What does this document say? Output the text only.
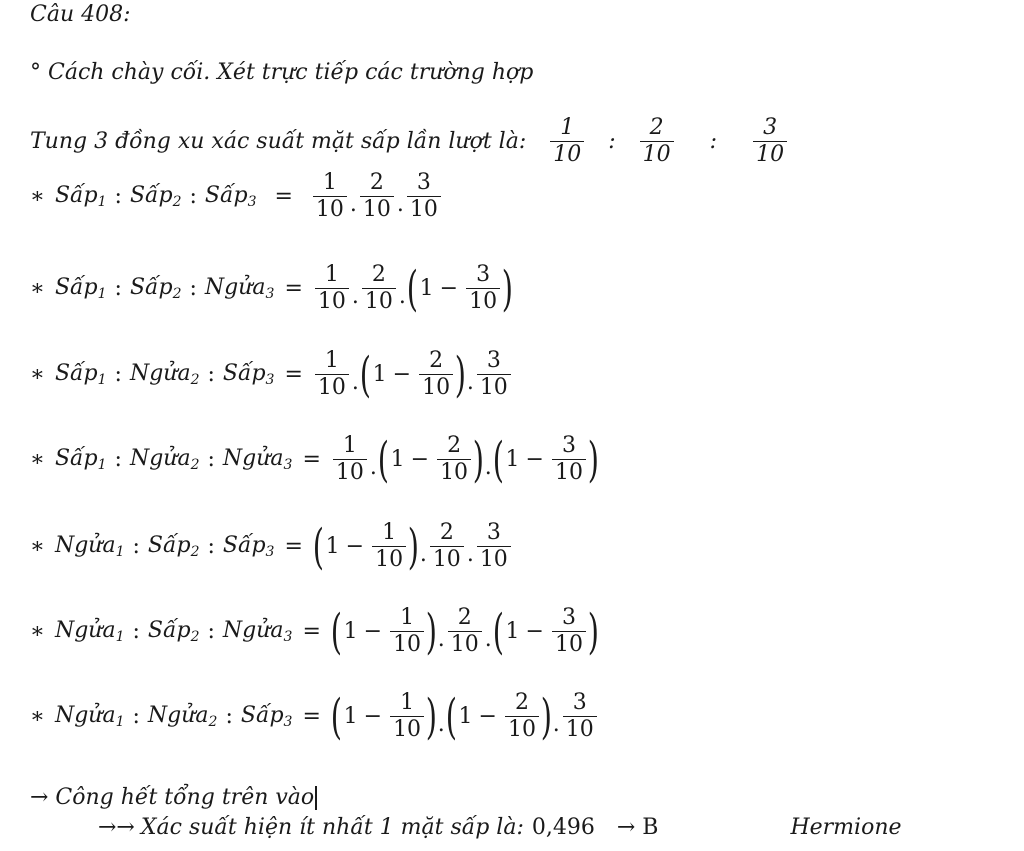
Câu 408:
° Cách chày cối. Xét trực tiếp các trường hợp
Tung 3 đồng xu xác suất mặt sấp lần lượt là: $\frac{1}{10}$ : $\frac{2}{10}$ : $\frac{3}{10}$
∗ Sấp$_1$ : Sấp$_2$ : Sấp$_3$ = $\frac{1}{10}$ . $\frac{2}{10}$ . $\frac{3}{10}$
∗ Sấp$_1$ : Sấp$_2$ : Ngửa$_3$ = $\frac{1}{10}$ . $\frac{2}{10}$ . ( $1 - \frac{3}{10}$ )
∗ Sấp$_1$ : Ngửa$_2$ : Sấp$_3$ = $\frac{1}{10}$ . ( $1 - \frac{2}{10}$ ) . $\frac{3}{10}$
∗ Sấp$_1$ : Ngửa$_2$ : Ngửa$_3$ = $\frac{1}{10}$ . ( $1 - \frac{2}{10}$ ) . ( $1 - \frac{3}{10}$ )
∗ Ngửa$_1$ : Sấp$_2$ : Sấp$_3$ = ( $1 - \frac{1}{10}$ ) . $\frac{2}{10}$ . $\frac{3}{10}$
∗ Ngửa$_1$ : Sấp$_2$ : Ngửa$_3$ = ( $1 - \frac{1}{10}$ ) . $\frac{2}{10}$ . ( $1 - \frac{3}{10}$ )
∗ Ngửa$_1$ : Ngửa$_2$ : Sấp$_3$ = ( $1 - \frac{1}{10}$ ) . ( $1 - \frac{2}{10}$ ) . $\frac{3}{10}$
→ Công hết tổng trên vào
→→ Xác suất hiện ít nhất 1 mặt sấp là: 0,496 → B	Hermione
